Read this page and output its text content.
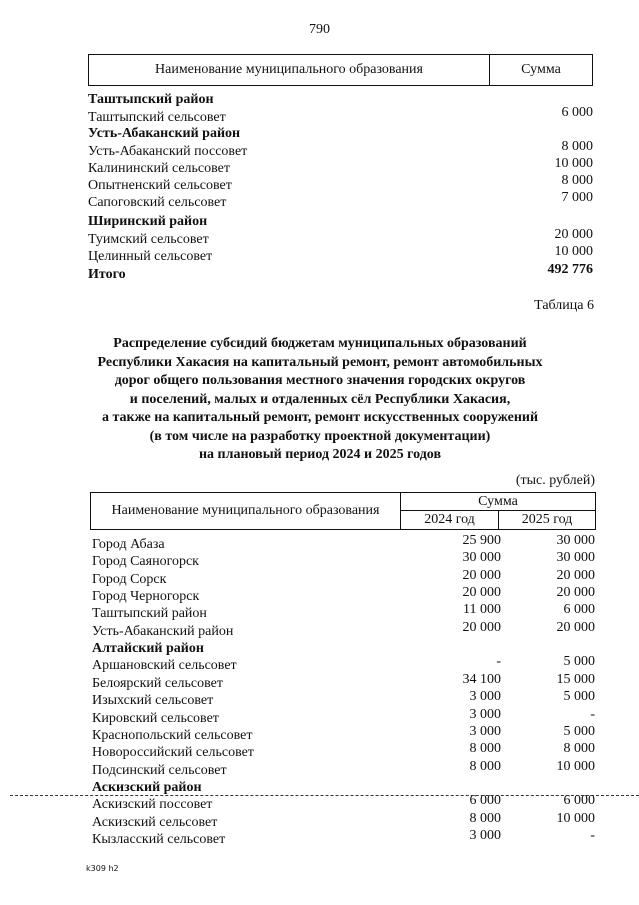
790
Наименование муниципального образования	Сумма
Таштыпский район
Таштыпский сельсовет	6 000
Усть-Абаканский район
Усть-Абаканский поссовет	8 000
Калининский сельсовет	10 000
Опытненский сельсовет	8 000
Сапоговский сельсовет	7 000
Ширинский район
Туимский сельсовет	20 000
Целинный сельсовет	10 000
Итого	492 776
Таблица 6
Распределение субсидий бюджетам муниципальных образований
Республики Хакасия на капитальный ремонт, ремонт автомобильных
дорог общего пользования местного значения городских округов
и поселений, малых и отдаленных сёл Республики Хакасия,
а также на капитальный ремонт, ремонт искусственных сооружений
(в том числе на разработку проектной документации)
на плановый период 2024 и 2025 годов
(тыс. рублей)
Наименование муниципального образования
Сумма
2024 год	2025 год
Город Абаза	25 900	30 000
Город Саяногорск	30 000	30 000
Город Сорск	20 000	20 000
Город Черногорск	20 000	20 000
Таштыпский район	11 000	6 000
Усть-Абаканский район	20 000	20 000
Алтайский район
Аршановский сельсовет	-	5 000
Белоярский сельсовет	34 100	15 000
Изыхский сельсовет	3 000	5 000
Кировский сельсовет	3 000	-
Краснопольский сельсовет	3 000	5 000
Новороссийский сельсовет	8 000	8 000
Подсинский сельсовет	8 000	10 000
Аскизский район
Аскизский поссовет	6 000	6 000
Аскизский сельсовет	8 000	10 000
Кызласский сельсовет	3 000	-
k309 h2
